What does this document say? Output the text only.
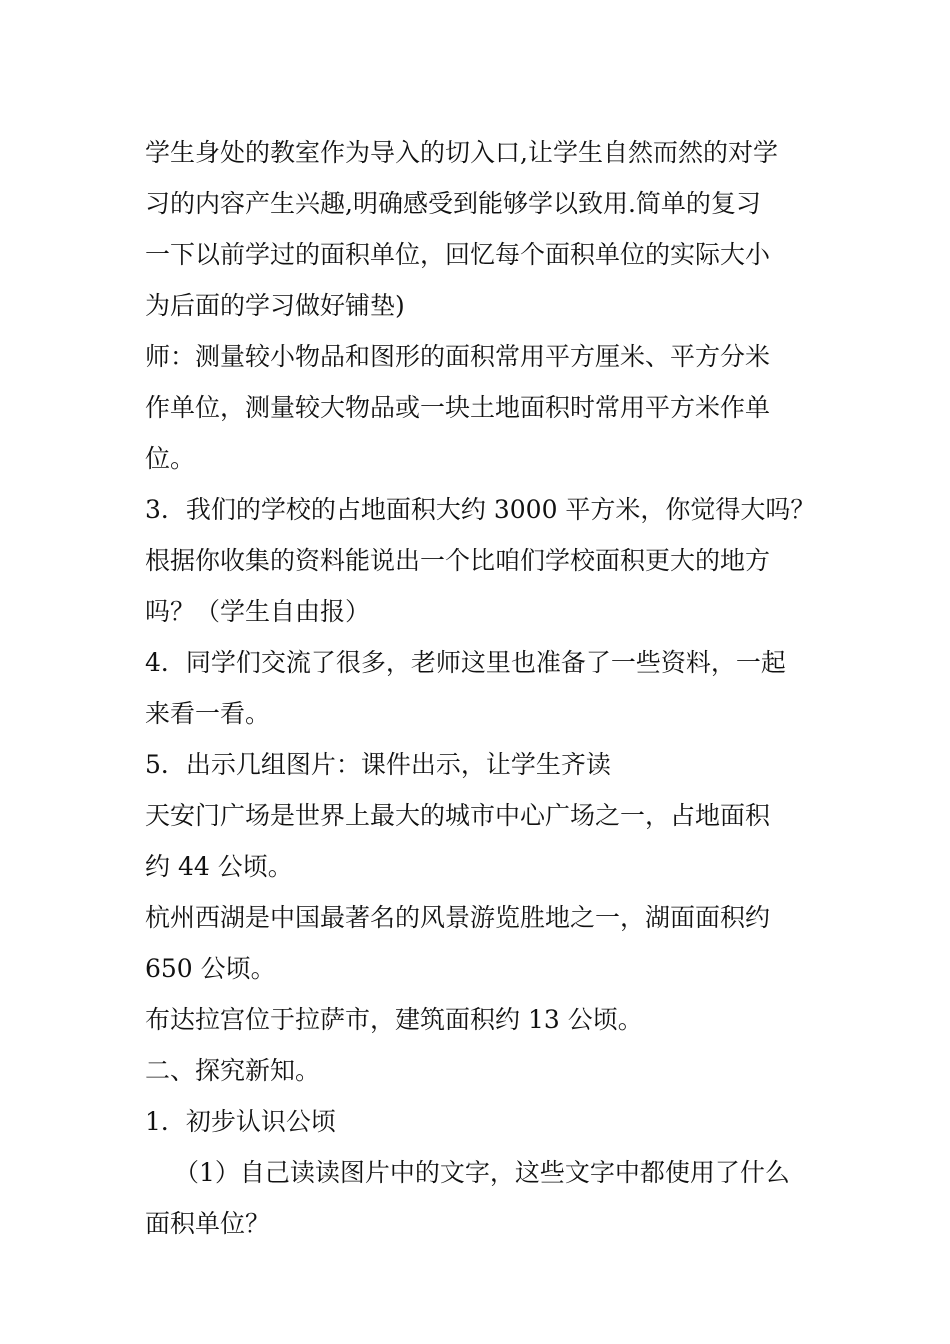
学生身处的教室作为导入的切入口,让学生自然而然的对学

习的内容产生兴趣,明确感受到能够学以致用.简单的复习

一下以前学过的面积单位，回忆每个面积单位的实际大小

为后面的学习做好铺垫)

师：测量较小物品和图形的面积常用平方厘米、平方分米

作单位，测量较大物品或一块土地面积时常用平方米作单

位。

3．我们的学校的占地面积大约 3000 平方米，你觉得大吗？

根据你收集的资料能说出一个比咱们学校面积更大的地方

吗？（学生自由报）

4．同学们交流了很多，老师这里也准备了一些资料，一起

来看一看。

5．出示几组图片：课件出示，让学生齐读

天安门广场是世界上最大的城市中心广场之一，占地面积

约 44 公顷。

杭州西湖是中国最著名的风景游览胜地之一，湖面面积约

650 公顷。

布达拉宫位于拉萨市，建筑面积约 13 公顷。

二、探究新知。

1．初步认识公顷

（1）自己读读图片中的文字，这些文字中都使用了什么

面积单位？
